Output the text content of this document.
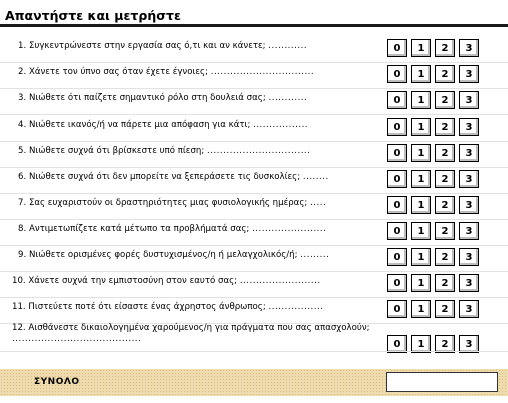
Απαντήστε και μετρήστε
1. Συγκεντρώνεστε στην εργασία σας ό,τι και αν κάνετε; ............	0	1	2	3
2. Χάνετε τον ύπνο σας όταν έχετε έγνοιες; ................................	0	1	2	3
3. Νιώθετε ότι παίζετε σημαντικό ρόλο στη δουλειά σας; ............	0	1	2	3
4. Νιώθετε ικανός/ή να πάρετε μια απόφαση για κάτι; .................	0	1	2	3
5. Νιώθετε συχνά ότι βρίσκεστε υπό πίεση; ................................	0	1	2	3
6. Νιώθετε συχνά ότι δεν μπορείτε να ξεπεράσετε τις δυσκολίες; ........	0	1	2	3
7. Σας ευχαριστούν οι δραστηριότητες μιας φυσιολογικής ημέρας; .....	0	1	2	3
8. Αντιμετωπίζετε κατά μέτωπο τα προβλήματά σας; .......................	0	1	2	3
9. Νιώθετε ορισμένες φορές δυστυχισμένος/η ή μελαγχολικός/ή; .........	0	1	2	3
10. Χάνετε συχνά την εμπιστοσύνη στον εαυτό σας; .........................	0	1	2	3
11. Πιστεύετε ποτέ ότι είσαστε ένας άχρηστος άνθρωπος; .................	0	1	2	3
12. Αισθάνεστε δικαιολογημένα χαρούμενος/η για πράγματα που σας απασχολούν; ........................................	0	1	2	3
ΣΥΝΟΛΟ
